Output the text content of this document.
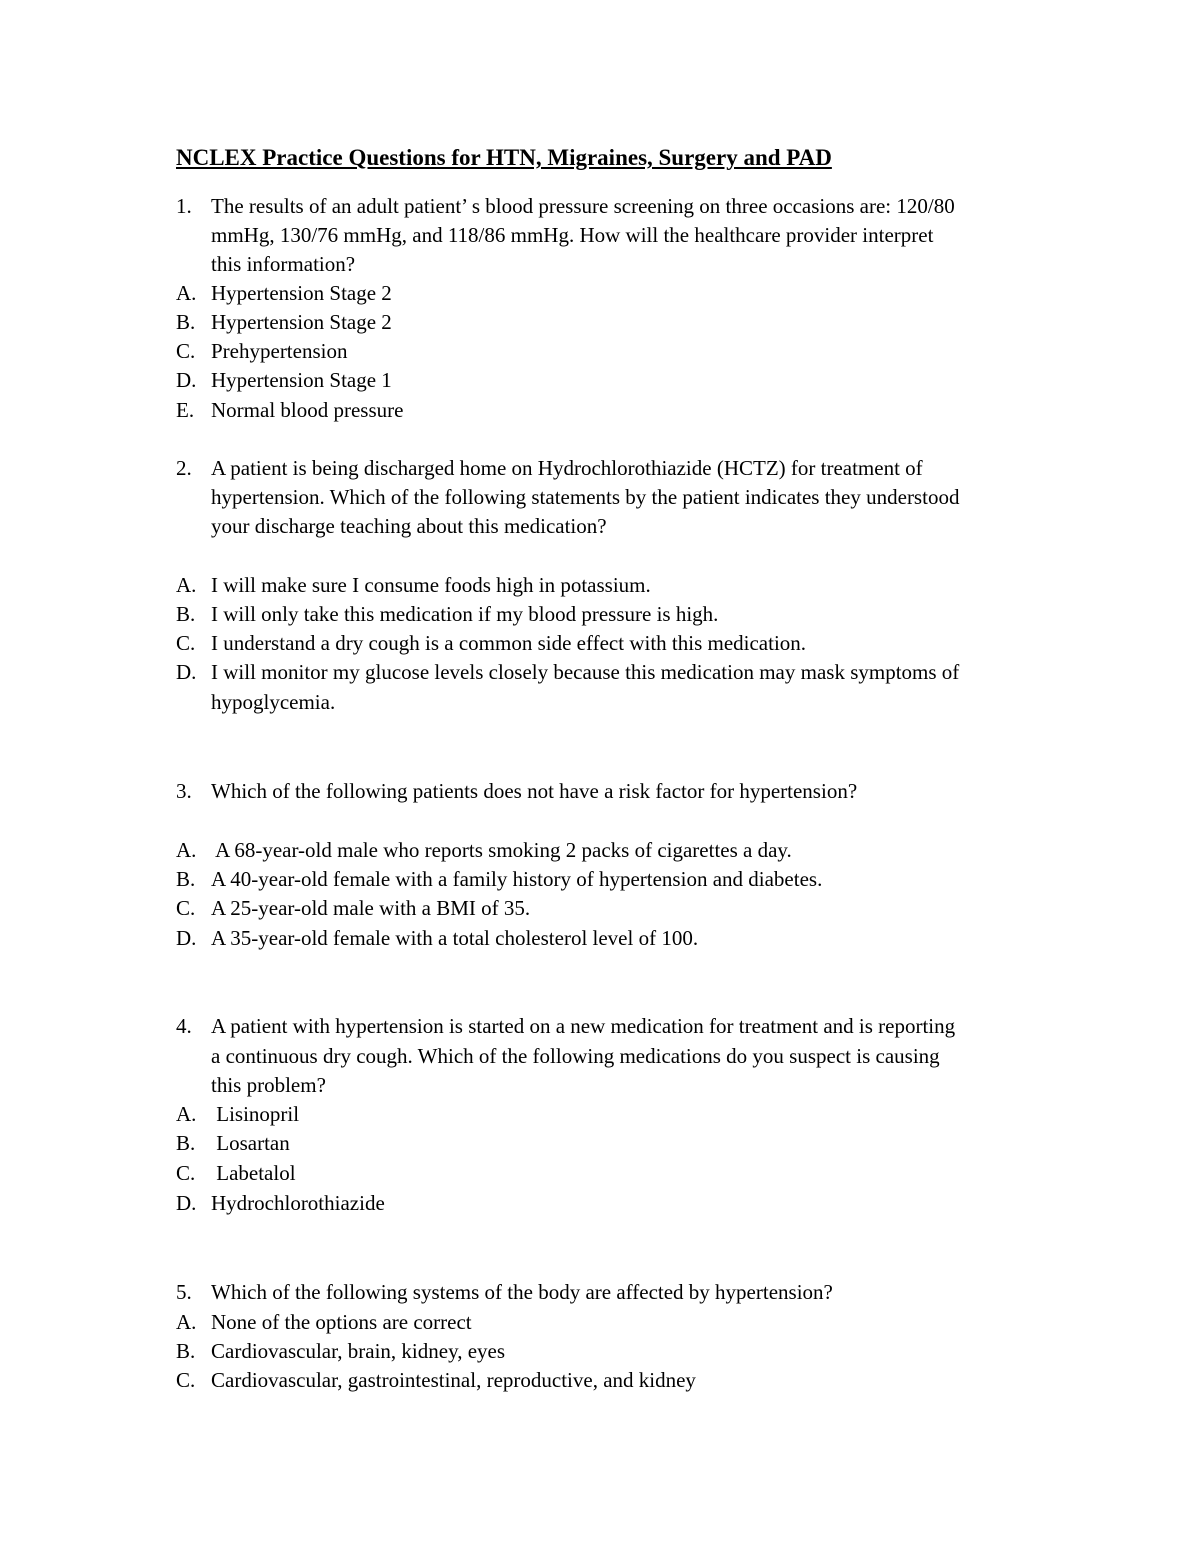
NCLEX Practice Questions for HTN, Migraines, Surgery and PAD
1. The results of an adult patient’ s blood pressure screening on three occasions are: 120/80
mmHg, 130/76 mmHg, and 118/86 mmHg. How will the healthcare provider interpret
this information?
A. Hypertension Stage 2
B. Hypertension Stage 2
C. Prehypertension
D. Hypertension Stage 1
E. Normal blood pressure
2. A patient is being discharged home on Hydrochlorothiazide (HCTZ) for treatment of
hypertension. Which of the following statements by the patient indicates they understood
your discharge teaching about this medication?
A. I will make sure I consume foods high in potassium.
B. I will only take this medication if my blood pressure is high.
C. I understand a dry cough is a common side effect with this medication.
D. I will monitor my glucose levels closely because this medication may mask symptoms of
hypoglycemia.
3. Which of the following patients does not have a risk factor for hypertension?
A. A 68-year-old male who reports smoking 2 packs of cigarettes a day.
B. A 40-year-old female with a family history of hypertension and diabetes.
C. A 25-year-old male with a BMI of 35.
D. A 35-year-old female with a total cholesterol level of 100.
4. A patient with hypertension is started on a new medication for treatment and is reporting
a continuous dry cough. Which of the following medications do you suspect is causing
this problem?
A. Lisinopril
B. Losartan
C. Labetalol
D. Hydrochlorothiazide
5. Which of the following systems of the body are affected by hypertension?
A. None of the options are correct
B. Cardiovascular, brain, kidney, eyes
C. Cardiovascular, gastrointestinal, reproductive, and kidney
